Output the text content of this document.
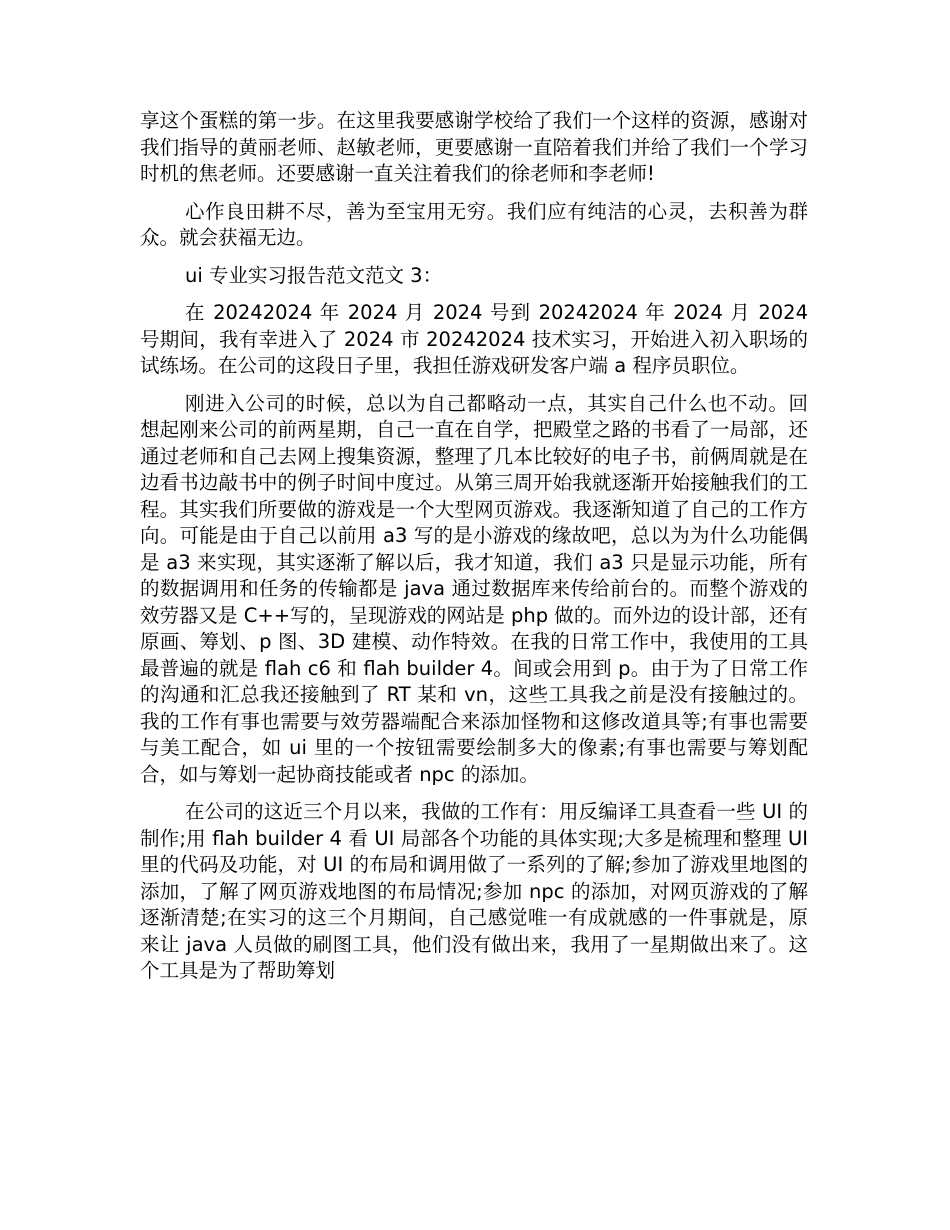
享这个蛋糕的第一步。在这里我要感谢学校给了我们一个这样的资源，感谢对我们指导的黄丽老师、赵敏老师，更要感谢一直陪着我们并给了我们一个学习时机的焦老师。还要感谢一直关注着我们的徐老师和李老师!

心作良田耕不尽，善为至宝用无穷。我们应有纯洁的心灵，去积善为群众。就会获福无边。

ui 专业实习报告范文范文 3：

在 20242024 年 2024 月 2024 号到 20242024 年 2024 月 2024 号期间，我有幸进入了 2024 市 20242024 技术实习，开始进入初入职场的试练场。在公司的这段日子里，我担任游戏研发客户端 a 程序员职位。

刚进入公司的时候，总以为自己都略动一点，其实自己什么也不动。回想起刚来公司的前两星期，自己一直在自学，把殿堂之路的书看了一局部，还通过老师和自己去网上搜集资源，整理了几本比较好的电子书，前俩周就是在边看书边敲书中的例子时间中度过。从第三周开始我就逐渐开始接触我们的工程。其实我们所要做的游戏是一个大型网页游戏。我逐渐知道了自己的工作方向。可能是由于自己以前用 a3 写的是小游戏的缘故吧，总以为为什么功能偶是 a3 来实现，其实逐渐了解以后，我才知道，我们 a3 只是显示功能，所有的数据调用和任务的传输都是 java 通过数据库来传给前台的。而整个游戏的效劳器又是 C++写的，呈现游戏的网站是 php 做的。而外边的设计部，还有原画、筹划、p 图、3D 建模、动作特效。在我的日常工作中，我使用的工具最普遍的就是 flah c6 和 flah builder 4。间或会用到 p。由于为了日常工作的沟通和汇总我还接触到了 RT 某和 vn，这些工具我之前是没有接触过的。我的工作有事也需要与效劳器端配合来添加怪物和这修改道具等;有事也需要与美工配合，如 ui 里的一个按钮需要绘制多大的像素;有事也需要与筹划配合，如与筹划一起协商技能或者 npc 的添加。

在公司的这近三个月以来，我做的工作有：用反编译工具查看一些 UI 的制作;用 flah builder 4 看 UI 局部各个功能的具体实现;大多是梳理和整理 UI 里的代码及功能，对 UI 的布局和调用做了一系列的了解;参加了游戏里地图的添加，了解了网页游戏地图的布局情况;参加 npc 的添加，对网页游戏的了解逐渐清楚;在实习的这三个月期间，自己感觉唯一有成就感的一件事就是，原来让 java 人员做的刷图工具，他们没有做出来，我用了一星期做出来了。这个工具是为了帮助筹划
